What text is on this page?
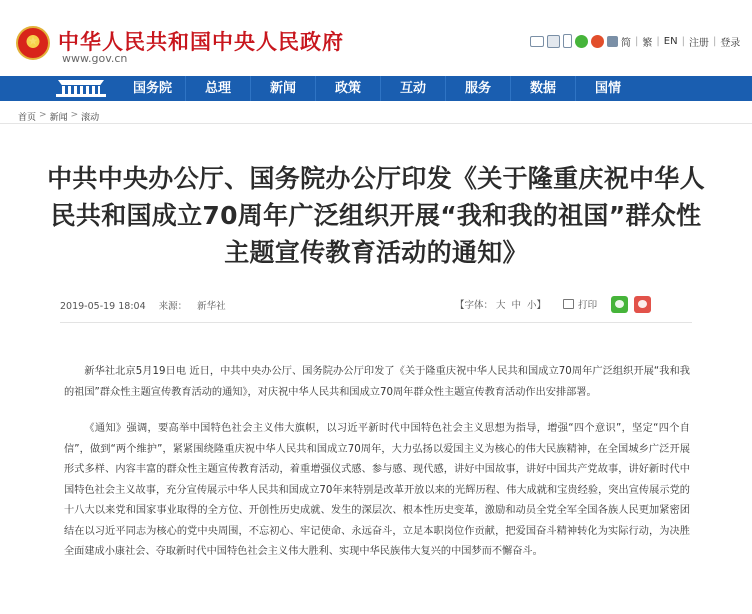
★ 中华人民共和国中央人民政府
www.gov.cn
简 | 繁 | EN | 注册 | 登录
国务院	总理	新闻	政策	互动	服务	数据	国情
首页 > 新闻 > 滚动
中共中央办公厅、国务院办公厅印发《关于隆重庆祝中华人民共和国成立70周年广泛组织开展“我和我的祖国”群众性主题宣传教育活动的通知》
2019-05-19 18:04 来源： 新华社	【字体： 大 中 小】	打印

新华社北京5月19日电 近日，中共中央办公厅、国务院办公厅印发了《关于隆重庆祝中华人民共和国成立70周年广泛组织开展“我和我的祖国”群众性主题宣传教育活动的通知》，对庆祝中华人民共和国成立70周年群众性主题宣传教育活动作出安排部署。

《通知》强调，要高举中国特色社会主义伟大旗帜，以习近平新时代中国特色社会主义思想为指导，增强“四个意识”，坚定“四个自信”，做到“两个维护”，紧紧围绕隆重庆祝中华人民共和国成立70周年，大力弘扬以爱国主义为核心的伟大民族精神，在全国城乡广泛开展形式多样、内容丰富的群众性主题宣传教育活动，着重增强仪式感、参与感、现代感，讲好中国故事，讲好中国共产党故事，讲好新时代中国特色社会主义故事，充分宣传展示中华人民共和国成立70年来特别是改革开放以来的光辉历程、伟大成就和宝贵经验，突出宣传展示党的十八大以来党和国家事业取得的全方位、开创性历史成就、发生的深层次、根本性历史变革，激励和动员全党全军全国各族人民更加紧密团结在以习近平同志为核心的党中央周围，不忘初心、牢记使命、永远奋斗，立足本职岗位作贡献，把爱国奋斗精神转化为实际行动，为决胜全面建成小康社会、夺取新时代中国特色社会主义伟大胜利、实现中华民族伟大复兴的中国梦而不懈奋斗。
